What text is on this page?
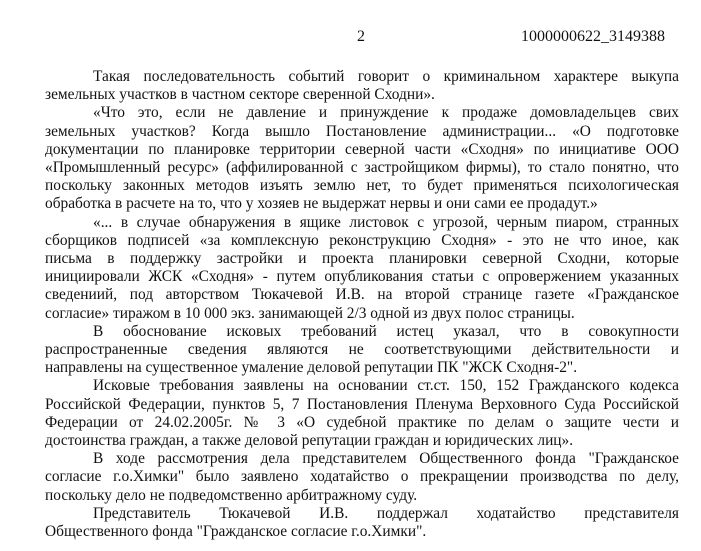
2	1000000622_3149388

Такая последовательность событий говорит о криминальном характере выкупа
земельных участков в частном секторе сверенной Сходни».

«Что это, если не давление и принуждение к продаже домовладельцев свих
земельных участков? Когда вышло Постановление администрации... «О подготовке
документации по планировке территории северной части «Сходня» по инициативе ООО
«Промышленный ресурс» (аффилированной с застройщиком фирмы), то стало понятно, что
поскольку законных методов изъять землю нет, то будет применяться психологическая
обработка в расчете на то, что у хозяев не выдержат нервы и они сами ее продадут.»

«... в случае обнаружения в ящике листовок с угрозой, черным пиаром, странных
сборщиков подписей «за комплексную реконструкцию Сходня» - это не что иное, как
письма в поддержку застройки и проекта планировки северной Сходни, которые
инициировали ЖСК «Сходня» - путем опубликования статьи с опровержением указанных
сведениий, под авторством Тюкачевой И.В. на второй странице газете «Гражданское
согласие» тиражом в 10 000 экз. занимающей 2/3 одной из двух полос страницы.

В обоснование исковых требований истец указал, что в совокупности
распространенные сведения являются не соответствующими действительности и
направлены на существенное умаление деловой репутации ПК "ЖСК Сходня-2".

Исковые требования заявлены на основании ст.ст. 150, 152 Гражданского кодекса
Российской Федерации, пунктов 5, 7 Постановления Пленума Верховного Суда Российской
Федерации от 24.02.2005г. № 3 «О судебной практике по делам о защите чести и
достоинства граждан, а также деловой репутации граждан и юридических лиц».

В ходе рассмотрения дела представителем Общественного фонда "Гражданское
согласие г.о.Химки" было заявлено ходатайство о прекращении производства по делу,
поскольку дело не подведомственно арбитражному суду.

Представитель Тюкачевой И.В. поддержал ходатайство представителя
Общественного фонда "Гражданское согласие г.о.Химки".
